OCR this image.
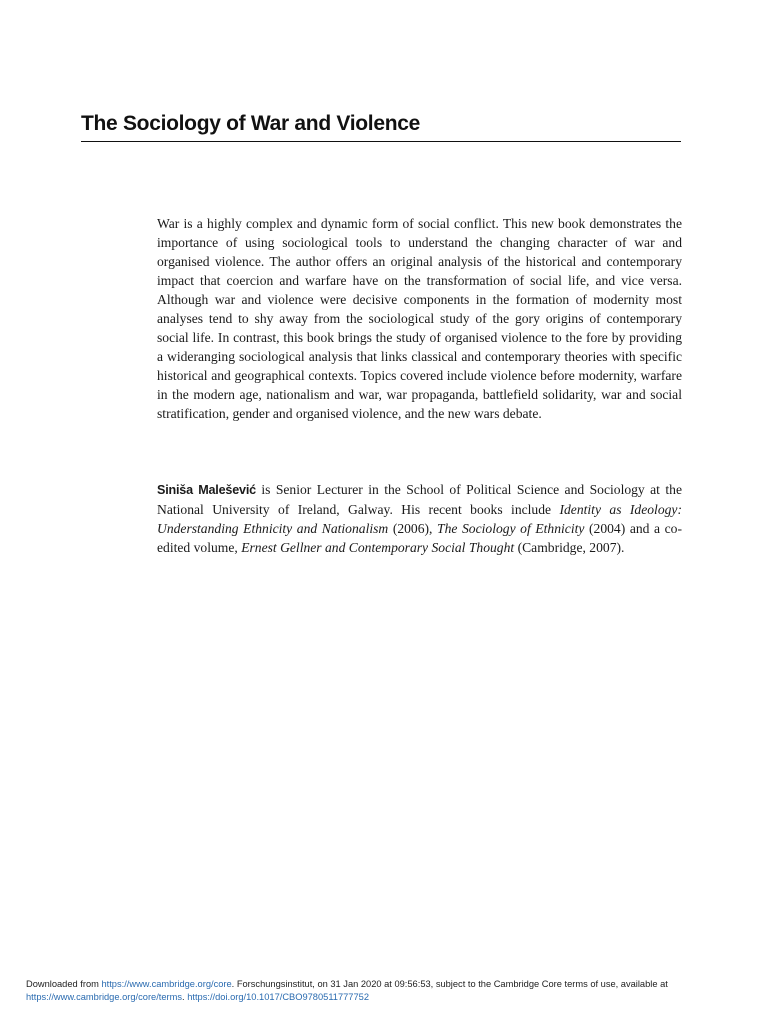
The Sociology of War and Violence

War is a highly complex and dynamic form of social conflict. This new book demonstrates the importance of using sociological tools to understand the changing character of war and organised violence. The author offers an original analysis of the historical and contemporary impact that coercion and warfare have on the transformation of social life, and vice versa. Although war and violence were decisive components in the formation of modernity most analyses tend to shy away from the sociological study of the gory origins of contemporary social life. In contrast, this book brings the study of organised violence to the fore by providing a wideranging sociological analysis that links classical and contemporary theories with specific historical and geographical contexts. Topics covered include violence before modernity, warfare in the modern age, nationalism and war, war propaganda, battlefield solidarity, war and social stratification, gender and organised violence, and the new wars debate.

Siniša Malešević is Senior Lecturer in the School of Political Science and Sociology at the National University of Ireland, Galway. His recent books include Identity as Ideology: Understanding Ethnicity and Nationalism (2006), The Sociology of Ethnicity (2004) and a co-edited volume, Ernest Gellner and Contemporary Social Thought (Cambridge, 2007).

Downloaded from https://www.cambridge.org/core. Forschungsinstitut, on 31 Jan 2020 at 09:56:53, subject to the Cambridge Core terms of use, available at
https://www.cambridge.org/core/terms. https://doi.org/10.1017/CBO9780511777752
